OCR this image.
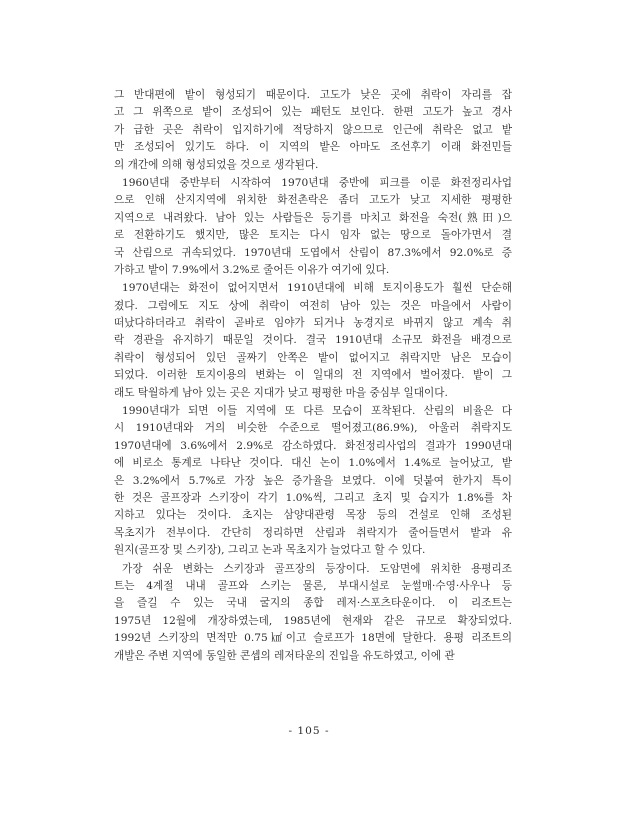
그 반대편에 밭이 형성되기 때문이다. 고도가 낮은 곳에 취락이 자리를 잡
고 그 위쪽으로 밭이 조성되어 있는 패턴도 보인다. 한편 고도가 높고 경사
가 급한 곳은 취락이 입지하기에 적당하지 않으므로 인근에 취락은 없고 밭
만 조성되어 있기도 하다. 이 지역의 밭은 아마도 조선후기 이래 화전민들
의 개간에 의해 형성되었을 것으로 생각된다.
1960년대 중반부터 시작하여 1970년대 중반에 피크를 이룬 화전정리사업
으로 인해 산지지역에 위치한 화전촌락은 좀더 고도가 낮고 지세한 평평한
지역으로 내려왔다. 남아 있는 사람들은 등기를 마치고 화전을 숙전(熟田)으
로 전환하기도 했지만, 많은 토지는 다시 임자 없는 땅으로 돌아가면서 결
국 산림으로 귀속되었다. 1970년대 도엽에서 산림이 87.3%에서 92.0%로 증
가하고 밭이 7.9%에서 3.2%로 줄어든 이유가 여기에 있다.
1970년대는 화전이 없어지면서 1910년대에 비해 토지이용도가 훨씬 단순해
졌다. 그럼에도 지도 상에 취락이 여전히 남아 있는 것은 마을에서 사람이
떠났다하더라고 취락이 곧바로 임야가 되거나 농경지로 바뀌지 않고 계속 취
락 경관을 유지하기 때문일 것이다. 결국 1910년대 소규모 화전을 배경으로
취락이 형성되어 있던 골짜기 안쪽은 밭이 없어지고 취락지만 남은 모습이
되었다. 이러한 토지이용의 변화는 이 일대의 전 지역에서 벌어졌다. 밭이 그
래도 탁월하게 남아 있는 곳은 지대가 낮고 평평한 마을 중심부 일대이다.
1990년대가 되면 이들 지역에 또 다른 모습이 포착된다. 산림의 비율은 다
시 1910년대와 거의 비슷한 수준으로 떨어졌고(86.9%), 아울러 취락지도
1970년대에 3.6%에서 2.9%로 감소하였다. 화전정리사업의 결과가 1990년대
에 비로소 통계로 나타난 것이다. 대신 논이 1.0%에서 1.4%로 늘어났고, 밭
은 3.2%에서 5.7%로 가장 높은 증가율을 보였다. 이에 덧붙여 한가지 특이
한 것은 골프장과 스키장이 각기 1.0%씩, 그리고 초지 및 습지가 1.8%를 차
지하고 있다는 것이다. 초지는 삼양대관령 목장 등의 건설로 인해 조성된
목초지가 전부이다. 간단히 정리하면 산림과 취락지가 줄어들면서 밭과 유
원지(골프장 및 스키장), 그리고 논과 목초지가 늘었다고 할 수 있다.
가장 쉬운 변화는 스키장과 골프장의 등장이다. 도암면에 위치한 용평리조
트는 4계절 내내 골프와 스키는 물론, 부대시설로 눈썰매·수영·사우나 등
을 즐길 수 있는 국내 굴지의 종합 레저·스포츠타운이다. 이 리조트는
1975년 12월에 개장하였는데, 1985년에 현재와 같은 규모로 확장되었다.
1992년 스키장의 면적만 0.75㎢이고 슬로프가 18면에 달한다. 용평 리조트의
개발은 주변 지역에 동일한 콘셉의 레저타운의 진입을 유도하였고, 이에 관
- 105 -
